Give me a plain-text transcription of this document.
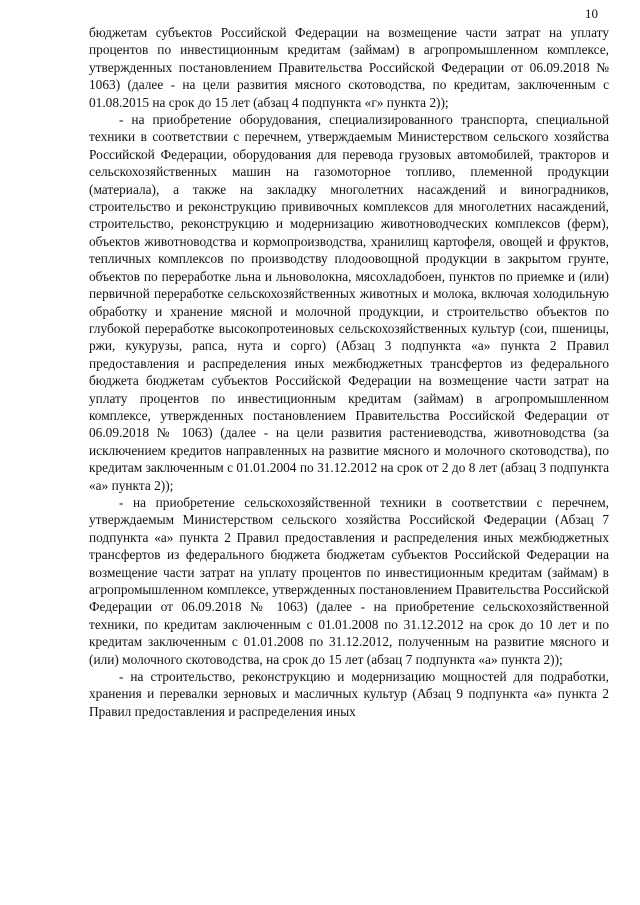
10

бюджетам субъектов Российской Федерации на возмещение части затрат на уплату процентов по инвестиционным кредитам (займам) в агропромышленном комплексе, утвержденных постановлением Правительства Российской Федерации от 06.09.2018 № 1063) (далее - на цели развития мясного скотоводства, по кредитам, заключенным с 01.08.2015 на срок до 15 лет (абзац 4 подпункта «г» пункта 2));

- на приобретение оборудования, специализированного транспорта, специальной техники в соответствии с перечнем, утверждаемым Министерством сельского хозяйства Российской Федерации, оборудования для перевода грузовых автомобилей, тракторов и сельскохозяйственных машин на газомоторное топливо, племенной продукции (материала), а также на закладку многолетних насаждений и виноградников, строительство и реконструкцию прививочных комплексов для многолетних насаждений, строительство, реконструкцию и модернизацию животноводческих комплексов (ферм), объектов животноводства и кормопроизводства, хранилищ картофеля, овощей и фруктов, тепличных комплексов по производству плодоовощной продукции в закрытом грунте, объектов по переработке льна и льноволокна, мясохладобоен, пунктов по приемке и (или) первичной переработке сельскохозяйственных животных и молока, включая холодильную обработку и хранение мясной и молочной продукции, и строительство объектов по глубокой переработке высокопротеиновых сельскохозяйственных культур (сои, пшеницы, ржи, кукурузы, рапса, нута и сорго) (Абзац 3 подпункта «а» пункта 2 Правил предоставления и распределения иных межбюджетных трансфертов из федерального бюджета бюджетам субъектов Российской Федерации на возмещение части затрат на уплату процентов по инвестиционным кредитам (займам) в агропромышленном комплексе, утвержденных постановлением Правительства Российской Федерации от 06.09.2018 № 1063) (далее - на цели развития растениеводства, животноводства (за исключением кредитов направленных на развитие мясного и молочного скотоводства), по кредитам заключенным с 01.01.2004 по 31.12.2012 на срок от 2 до 8 лет (абзац 3 подпункта «а» пункта 2));

- на приобретение сельскохозяйственной техники в соответствии с перечнем, утверждаемым Министерством сельского хозяйства Российской Федерации (Абзац 7 подпункта «а» пункта 2 Правил предоставления и распределения иных межбюджетных трансфертов из федерального бюджета бюджетам субъектов Российской Федерации на возмещение части затрат на уплату процентов по инвестиционным кредитам (займам) в агропромышленном комплексе, утвержденных постановлением Правительства Российской Федерации от 06.09.2018 № 1063) (далее - на приобретение сельскохозяйственной техники, по кредитам заключенным с 01.01.2008 по 31.12.2012 на срок до 10 лет и по кредитам заключенным с 01.01.2008 по 31.12.2012, полученным на развитие мясного и (или) молочного скотоводства, на срок до 15 лет (абзац 7 подпункта «а» пункта 2));

- на строительство, реконструкцию и модернизацию мощностей для подработки, хранения и перевалки зерновых и масличных культур (Абзац 9 подпункта «а» пункта 2 Правил предоставления и распределения иных
